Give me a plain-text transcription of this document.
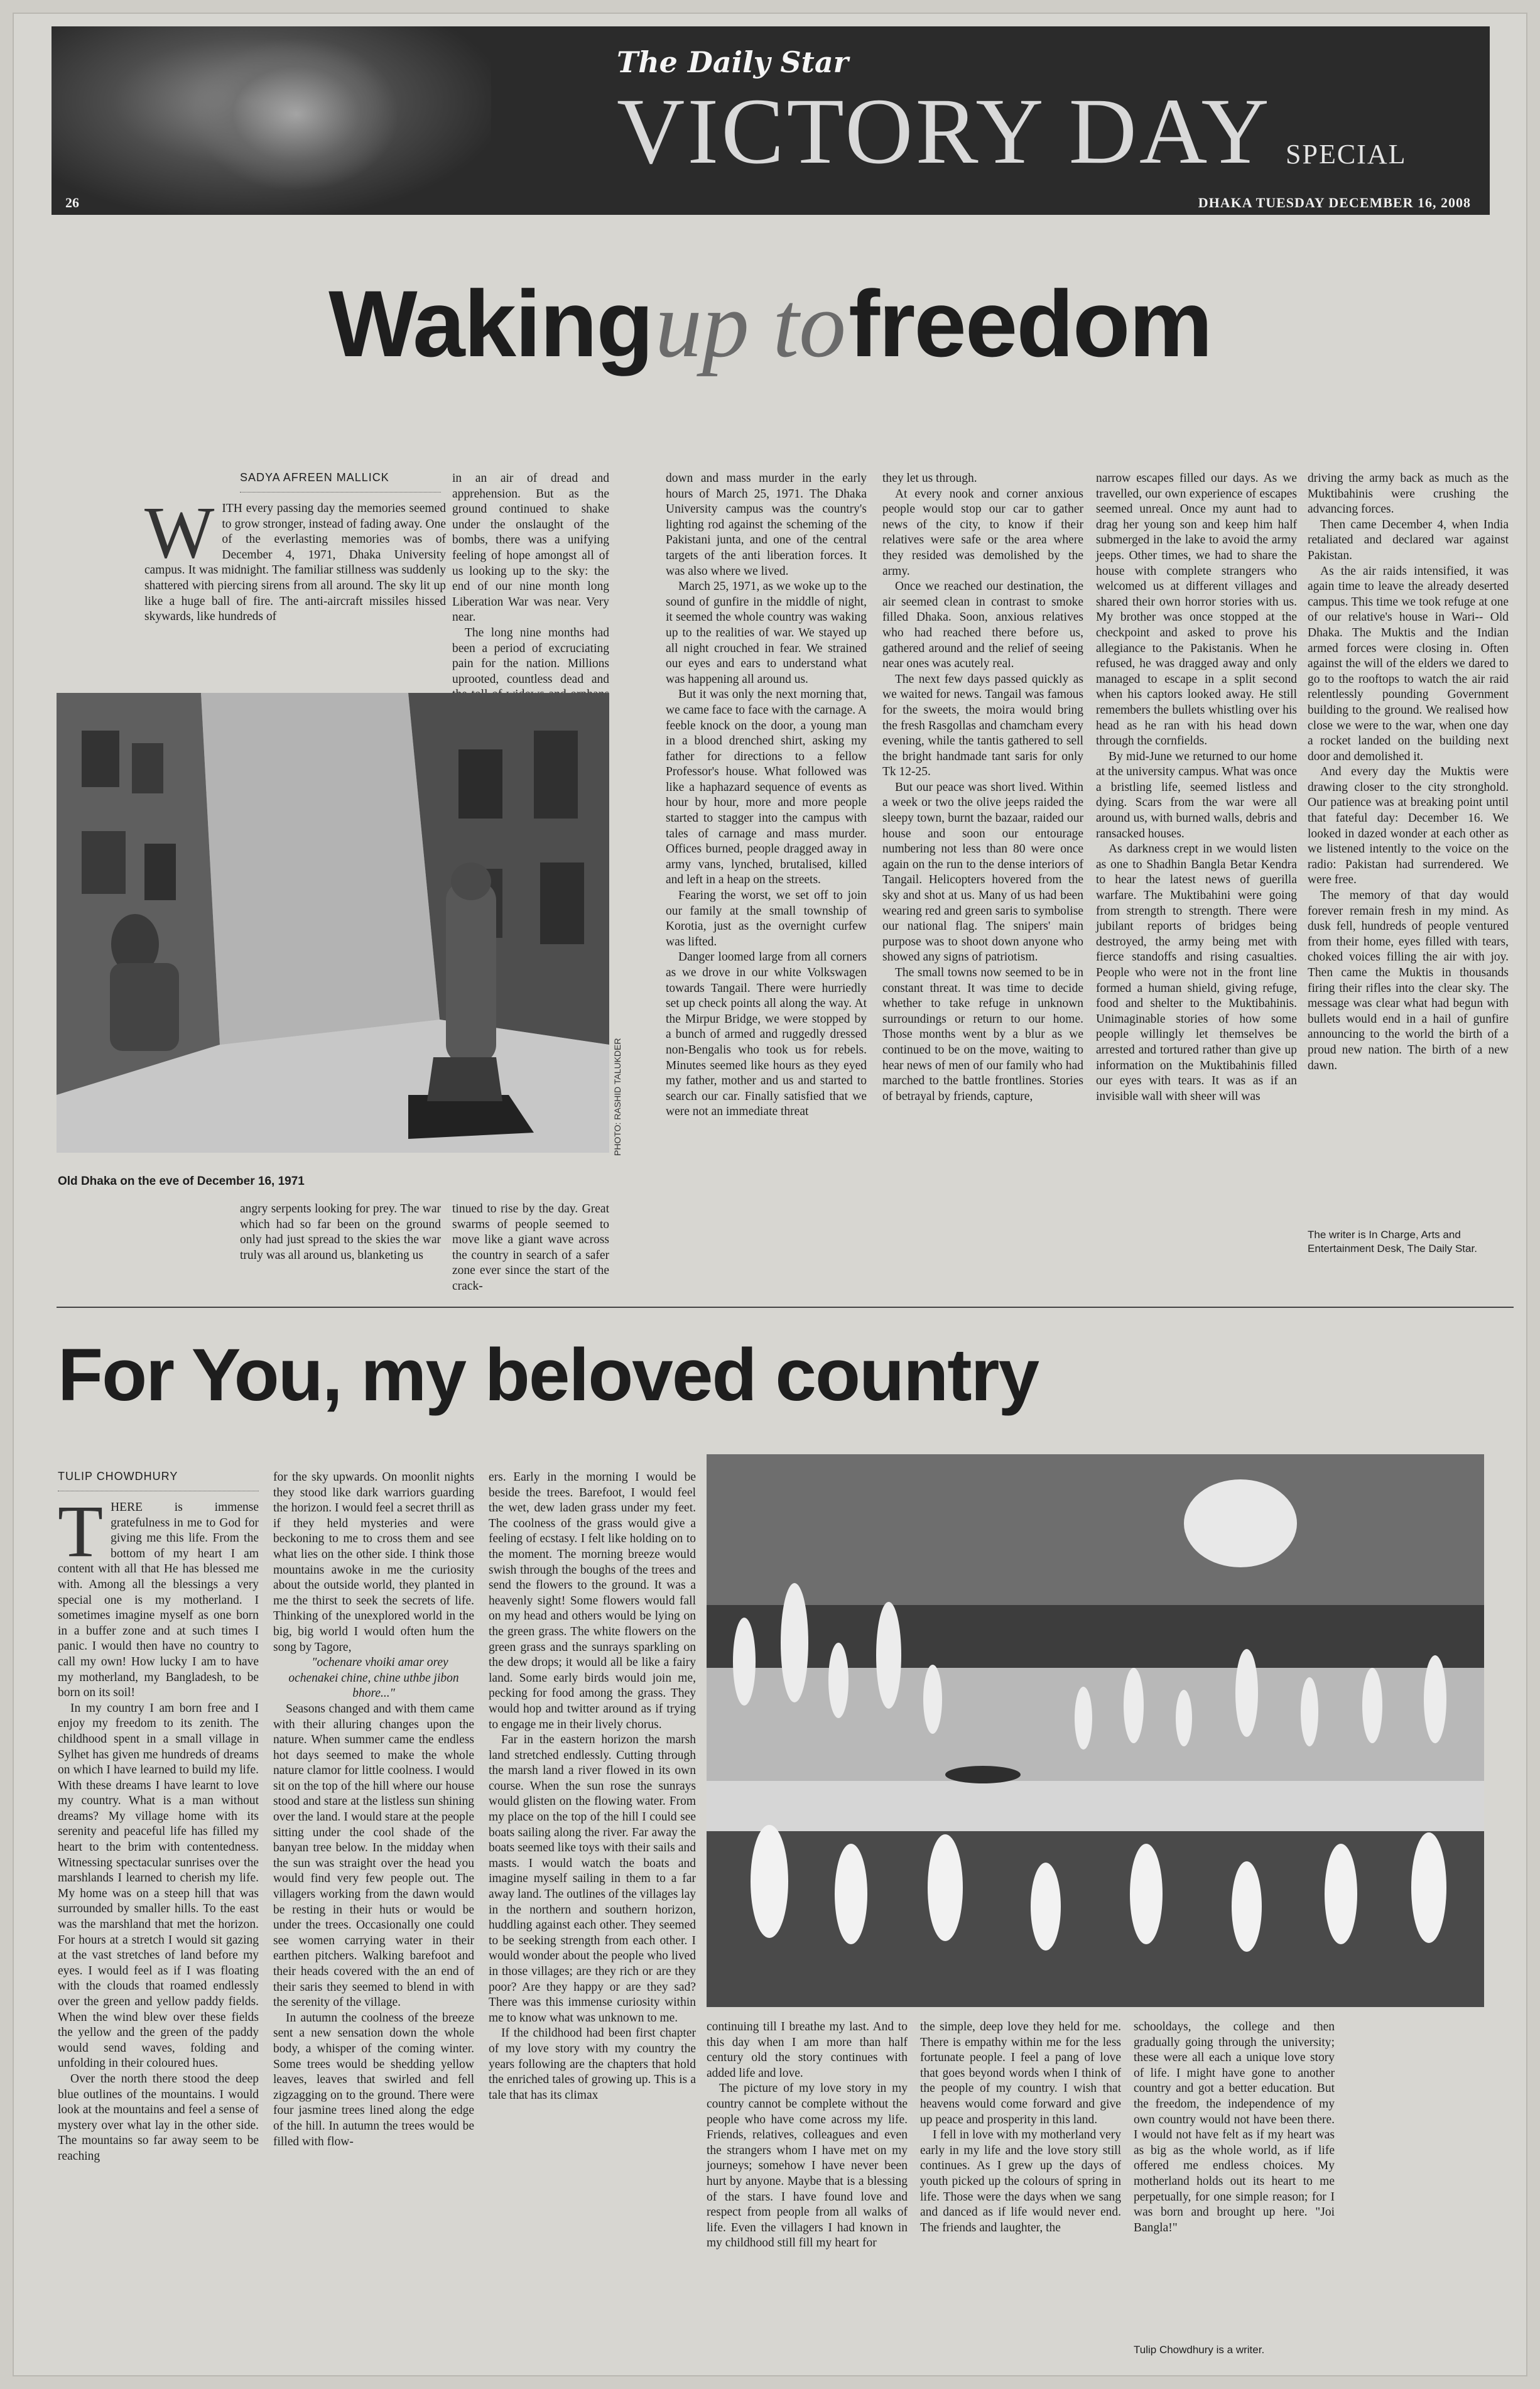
26
The Daily Star
VICTORY DAY SPECIAL
DHAKA TUESDAY DECEMBER 16, 2008
Waking up to freedom
SADYA AFREEN MALLICK
W ITH every passing day the memories seemed to grow stronger, instead of fading away. One of the everlasting memories was of December 4, 1971, Dhaka University campus. It was midnight. The familiar stillness was suddenly shattered with piercing sirens from all around. The sky lit up like a huge ball of fire. The anti-aircraft missiles hissed skywards, like hundreds of

in an air of dread and apprehension. But as the ground continued to shake under the onslaught of the bombs, there was a unifying feeling of hope amongst all of us looking up to the sky: the end of our nine month long Liberation War was near. Very near.

The long nine months had been a period of excruciating pain for the nation. Millions uprooted, countless dead and

PHOTO: RASHID TALUKDER
Old Dhaka on the eve of December 16, 1971

angry serpents looking for prey. The war which had so far been on the ground only had just spread to the skies the war truly was all around us, blanketing us

tinued to rise by the day. Great swarms of people seemed to move like a giant wave across the country in search of a safer zone ever since the start of the crack-

down and mass murder in the early hours of March 25, 1971. The Dhaka University campus was the country's lighting rod against the scheming of the Pakistani junta, and one of the central targets of the anti liberation forces. It was also where we lived.

March 25, 1971, as we woke up to the sound of gunfire in the middle of night, it seemed the whole country was waking up to the realities of war. We stayed up all night crouched in fear. We strained our eyes and ears to understand what was happening all around us.

But it was only the next morning that, we came face to face with the carnage. A feeble knock on the door, a young man in a blood drenched shirt, asking my father for directions to a fellow Professor's house. What followed was like a haphazard sequence of events as hour by hour, more and more people started to stagger into the campus with tales of carnage and mass murder. Offices burned, people dragged away in army vans, lynched, brutalised, killed and left in a heap on the streets.

Fearing the worst, we set off to join our family at the small township of Korotia, just as the overnight curfew was lifted.

Danger loomed large from all corners as we drove in our white Volkswagen towards Tangail. There were hurriedly set up check points all along the way. At the Mirpur Bridge, we were stopped by a bunch of armed and ruggedly dressed non-Bengalis who took us for rebels. Minutes seemed like hours as they eyed my father, mother and us and started to search our car. Finally satisfied that we were not an immediate threat

they let us through.

At every nook and corner anxious people would stop our car to gather news of the city, to know if their relatives were safe or the area where they resided was demolished by the army.

Once we reached our destination, the air seemed clean in contrast to smoke filled Dhaka. Soon, anxious relatives who had reached there before us, gathered around and the relief of seeing near ones was acutely real.

The next few days passed quickly as we waited for news. Tangail was famous for the sweets, the moira would bring the fresh Rasgollas and chamcham every evening, while the tantis gathered to sell the bright handmade tant saris for only Tk 12-25.

But our peace was short lived. Within a week or two the olive jeeps raided the sleepy town, burnt the bazaar, raided our house and soon our entourage numbering not less than 80 were once again on the run to the dense interiors of Tangail. Helicopters hovered from the sky and shot at us. Many of us had been wearing red and green saris to symbolise our national flag. The snipers' main purpose was to shoot down anyone who showed any signs of patriotism.

The small towns now seemed to be in constant threat. It was time to decide whether to take refuge in unknown surroundings or return to our home. Those months went by a blur as we continued to be on the move, waiting to hear news of men of our family who had marched to the battle frontlines. Stories of betrayal by friends, capture,

narrow escapes filled our days. As we travelled, our own experience of escapes seemed unreal. Once my aunt had to drag her young son and keep him half submerged in the lake to avoid the army jeeps. Other times, we had to share the house with complete strangers who welcomed us at different villages and shared their own horror stories with us. My brother was once stopped at the checkpoint and asked to prove his allegiance to the Pakistanis. When he refused, he was dragged away and only managed to escape in a split second when his captors looked away. He still remembers the bullets whistling over his head as he ran with his head down through the cornfields.

By mid-June we returned to our home at the university campus. What was once a bristling life, seemed listless and dying. Scars from the war were all around us, with burned walls, debris and ransacked houses.

As darkness crept in we would listen as one to Shadhin Bangla Betar Kendra to hear the latest news of guerilla warfare. The Muktibahini were going from strength to strength. There were jubilant reports of bridges being destroyed, the army being met with fierce standoffs and rising casualties. People who were not in the front line formed a human shield, giving refuge, food and shelter to the Muktibahinis. Unimaginable stories of how some people willingly let themselves be arrested and tortured rather than give up information on the Muktibahinis filled our eyes with tears. It was as if an invisible wall with sheer will was

driving the army back as much as the Muktibahinis were crushing the advancing forces.

Then came December 4, when India retaliated and declared war against Pakistan.

As the air raids intensified, it was again time to leave the already deserted campus. This time we took refuge at one of our relative's house in Wari-- Old Dhaka. The Muktis and the Indian armed forces were closing in. Often against the will of the elders we dared to go to the rooftops to watch the air raid relentlessly pounding Government building to the ground. We realised how close we were to the war, when one day a rocket landed on the building next door and demolished it.

And every day the Muktis were drawing closer to the city stronghold. Our patience was at breaking point until that fateful day: December 16. We looked in dazed wonder at each other as we listened intently to the voice on the radio: Pakistan had surrendered. We were free.

The memory of that day would forever remain fresh in my mind. As dusk fell, hundreds of people ventured from their home, eyes filled with tears, choked voices filling the air with joy. Then came the Muktis in thousands firing their rifles into the clear sky. The message was clear what had begun with bullets would end in a hail of gunfire announcing to the world the birth of a proud new nation. The birth of a new dawn.

The writer is In Charge, Arts and Entertainment Desk, The Daily Star.
For You, my beloved country
TULIP CHOWDHURY
T HERE is immense gratefulness in me to God for giving me this life. From the bottom of my heart I am content with all that He has blessed me with. Among all the blessings a very special one is my motherland. I sometimes imagine myself as one born in a buffer zone and at such times I panic. I would then have no country to call my own! How lucky I am to have my motherland, my Bangladesh, to be born on its soil!

In my country I am born free and I enjoy my freedom to its zenith. The childhood spent in a small village in Sylhet has given me hundreds of dreams on which I have learned to build my life. With these dreams I have learnt to love my country. What is a man without dreams? My village home with its serenity and peaceful life has filled my heart to the brim with contentedness. Witnessing spectacular sunrises over the marshlands I learned to cherish my life. My home was on a steep hill that was surrounded by smaller hills. To the east was the marshland that met the horizon. For hours at a stretch I would sit gazing at the vast stretches of land before my eyes. I would feel as if I was floating with the clouds that roamed endlessly over the green and yellow paddy fields. When the wind blew over these fields the yellow and the green of the paddy would send waves, folding and unfolding in their coloured hues.

Over the north there stood the deep blue outlines of the mountains. I would look at the mountains and feel a sense of mystery over what lay in the other side. The mountains so far away seem to be reaching

for the sky upwards. On moonlit nights they stood like dark warriors guarding the horizon. I would feel a secret thrill as if they held mysteries and were beckoning to me to cross them and see what lies on the other side. I think those mountains awoke in me the curiosity about the outside world, they planted in me the thirst to seek the secrets of life. Thinking of the unexplored world in the big, big world I would often hum the song by Tagore,

"ochenare vhoiki amar orey ochenakei chine, chine uthbe jibon bhore..."

Seasons changed and with them came with their alluring changes upon the nature. When summer came the endless hot days seemed to make the whole nature clamor for little coolness. I would sit on the top of the hill where our house stood and stare at the listless sun shining over the land. I would stare at the people sitting under the cool shade of the banyan tree below. In the midday when the sun was straight over the head you would find very few people out. The villagers working from the dawn would be resting in their huts or would be under the trees. Occasionally one could see women carrying water in their earthen pitchers. Walking barefoot and their heads covered with the an end of their saris they seemed to blend in with the serenity of the village.

In autumn the coolness of the breeze sent a new sensation down the whole body, a whisper of the coming winter. Some trees would be shedding yellow leaves, leaves that swirled and fell zigzagging on to the ground. There were four jasmine trees lined along the edge of the hill. In autumn the trees would be filled with flow-

ers. Early in the morning I would be beside the trees. Barefoot, I would feel the wet, dew laden grass under my feet. The coolness of the grass would give a feeling of ecstasy. I felt like holding on to the moment. The morning breeze would swish through the boughs of the trees and send the flowers to the ground. It was a heavenly sight! Some flowers would fall on my head and others would be lying on the green grass. The white flowers on the green grass and the sunrays sparkling on the dew drops; it would all be like a fairy land. Some early birds would join me, pecking for food among the grass. They would hop and twitter around as if trying to engage me in their lively chorus.

Far in the eastern horizon the marsh land stretched endlessly. Cutting through the marsh land a river flowed in its own course. When the sun rose the sunrays would glisten on the flowing water. From my place on the top of the hill I could see boats sailing along the river. Far away the boats seemed like toys with their sails and masts. I would watch the boats and imagine myself sailing in them to a far away land. The outlines of the villages lay in the northern and southern horizon, huddling against each other. They seemed to be seeking strength from each other. I would wonder about the people who lived in those villages; are they rich or are they poor? Are they happy or are they sad? There was this immense curiosity within me to know what was unknown to me.

If the childhood had been first chapter of my love story with my country the years following are the chapters that hold the enriched tales of growing up. This is a tale that has its climax

continuing till I breathe my last. And to this day when I am more than half century old the story continues with added life and love.

The picture of my love story in my country cannot be complete without the people who have come across my life. Friends, relatives, colleagues and even the strangers whom I have met on my journeys; somehow I have never been hurt by anyone. Maybe that is a blessing of the stars. I have found love and respect from people from all walks of life. Even the villagers I had known in my childhood still fill my heart for

the simple, deep love they held for me. There is empathy within me for the less fortunate people. I feel a pang of love that goes beyond words when I think of the people of my country. I wish that heavens would come forward and give up peace and prosperity in this land.

I fell in love with my motherland very early in my life and the love story still continues. As I grew up the days of youth picked up the colours of spring in life. Those were the days when we sang and danced as if life would never end. The friends and laughter, the

schooldays, the college and then gradually going through the university; these were all each a unique love story of life. I might have gone to another country and got a better education. But the freedom, the independence of my own country would not have been there. I would not have felt as if my heart was as big as the whole world, as if life offered me endless choices. My motherland holds out its heart to me perpetually, for one simple reason; for I was born and brought up here. "Joi Bangla!"

Tulip Chowdhury is a writer.
